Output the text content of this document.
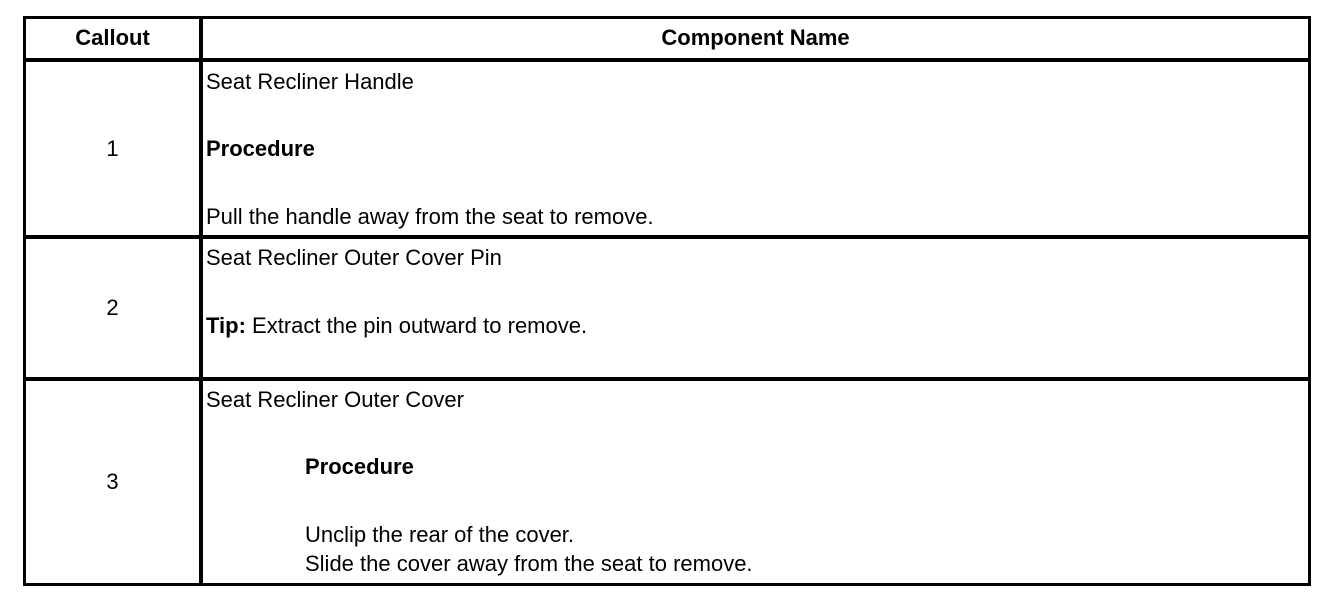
Callout	Component Name
1
Seat Recliner Handle
Procedure
Pull the handle away from the seat to remove.
2
Seat Recliner Outer Cover Pin
Tip: Extract the pin outward to remove.
3
Seat Recliner Outer Cover
Procedure
Unclip the rear of the cover.
Slide the cover away from the seat to remove.
